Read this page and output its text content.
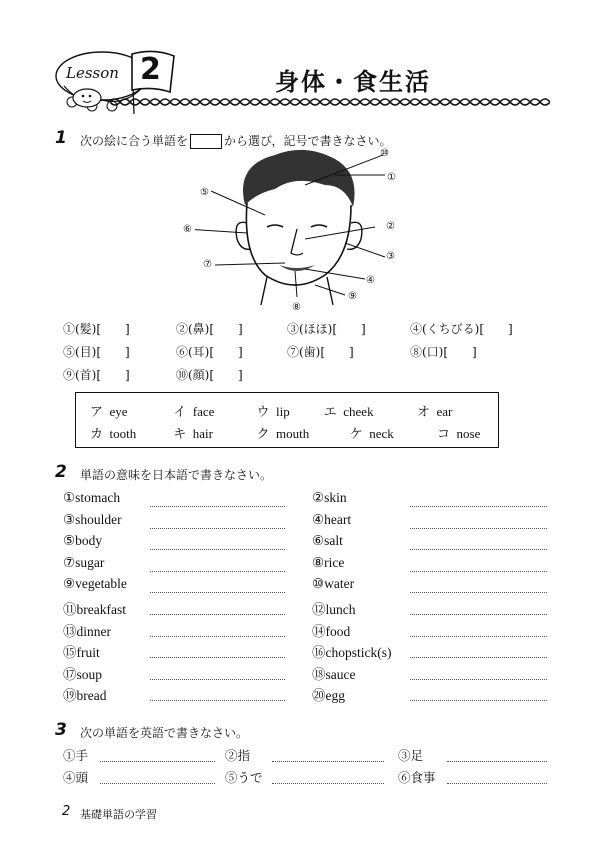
Lesson 2	身体・食生活
1 次の絵に合う単語を	から選び，記号で書きなさい。
⑩
①
⑤
⑥	②
③
⑦
④
⑨
⑧
①(髪)[　　]	②(鼻)[　　]	③(ほほ)[　　]	④(くちびる)[　　]
⑤(目)[　　]	⑥(耳)[　　]	⑦(歯)[　　]	⑧(口)[　　]
⑨(首)[　　]	⑩(顔)[　　]
ア eye	イ face	ウ lip	エ cheek	オ ear
カ tooth	キ hair	ク mouth	ケ neck	コ nose
2 単語の意味を日本語で書きなさい。
①stomach	②skin
③shoulder	④heart
⑤body	⑥salt
⑦sugar	⑧rice
⑨vegetable	⑩water
⑪breakfast	⑫lunch
⑬dinner	⑭food
⑮fruit	⑯chopstick(s)
⑰soup	⑱sauce
⑲bread	⑳egg
3 次の単語を英語で書きなさい。
①手	②指	③足
④頭	⑤うで	⑥食事
2 基礎単語の学習
